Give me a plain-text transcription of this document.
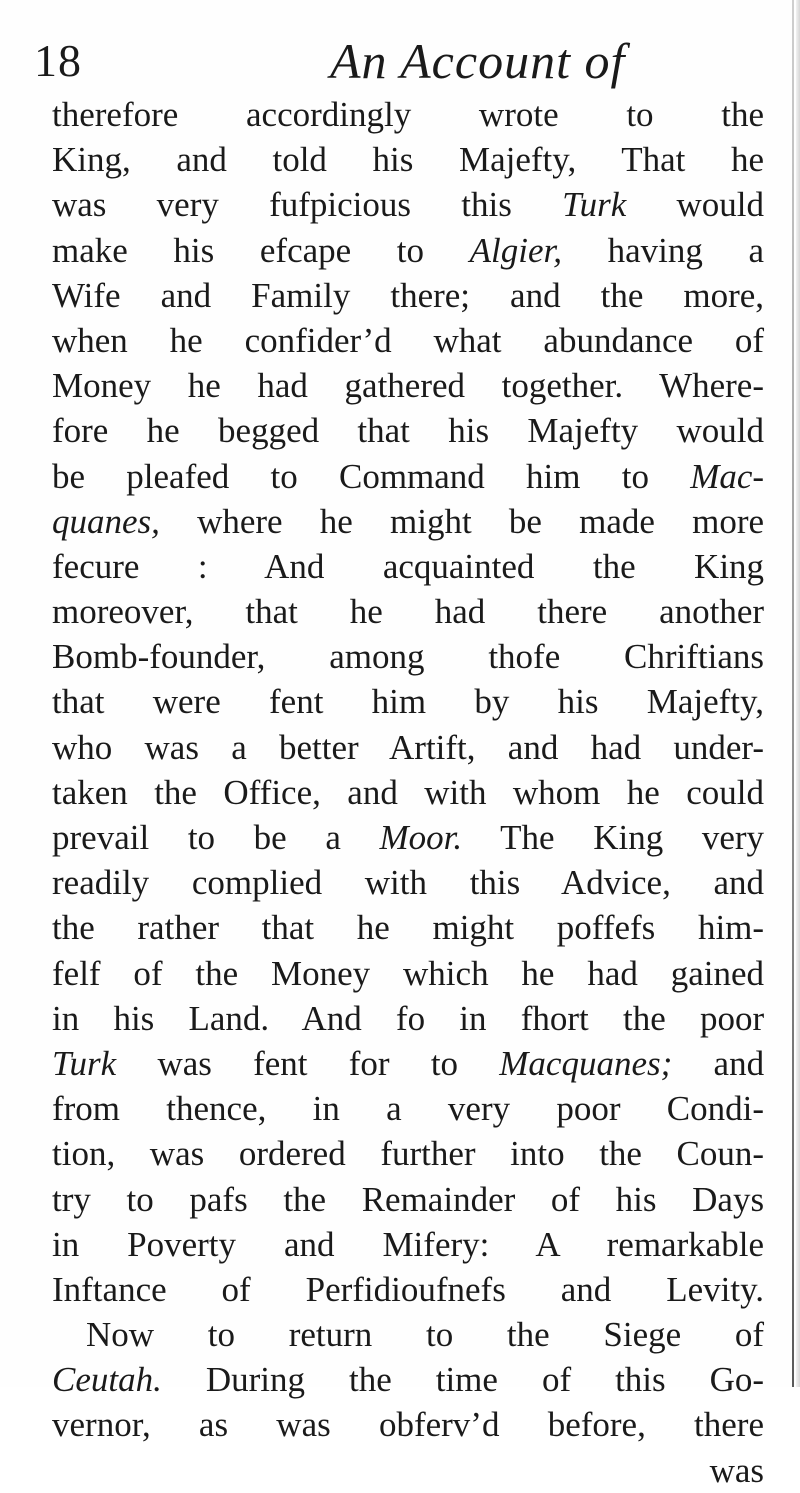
18	An Account of
therefore accordingly wrote to the
King, and told his Majefty, That he
was very fufpicious this Turk would
make his efcape to Algier, having a
Wife and Family there; and the more,
when he confider’d what abundance of
Money he had gathered together. Where-
fore he begged that his Majefty would
be pleafed to Command him to Mac-
quanes, where he might be made more
fecure : And acquainted the King
moreover, that he had there another
Bomb-founder, among thofe Chriftians
that were fent him by his Majefty,
who was a better Artift, and had under-
taken the Office, and with whom he could
prevail to be a Moor. The King very
readily complied with this Advice, and
the rather that he might poffefs him-
felf of the Money which he had gained
in his Land. And fo in fhort the poor
Turk was fent for to Macquanes; and
from thence, in a very poor Condi-
tion, was ordered further into the Coun-
try to pafs the Remainder of his Days
in Poverty and Mifery: A remarkable
Inftance of Perfidioufnefs and Levity.
Now to return to the Siege of
Ceutah. During the time of this Go-
vernor, as was obferv’d before, there
was
